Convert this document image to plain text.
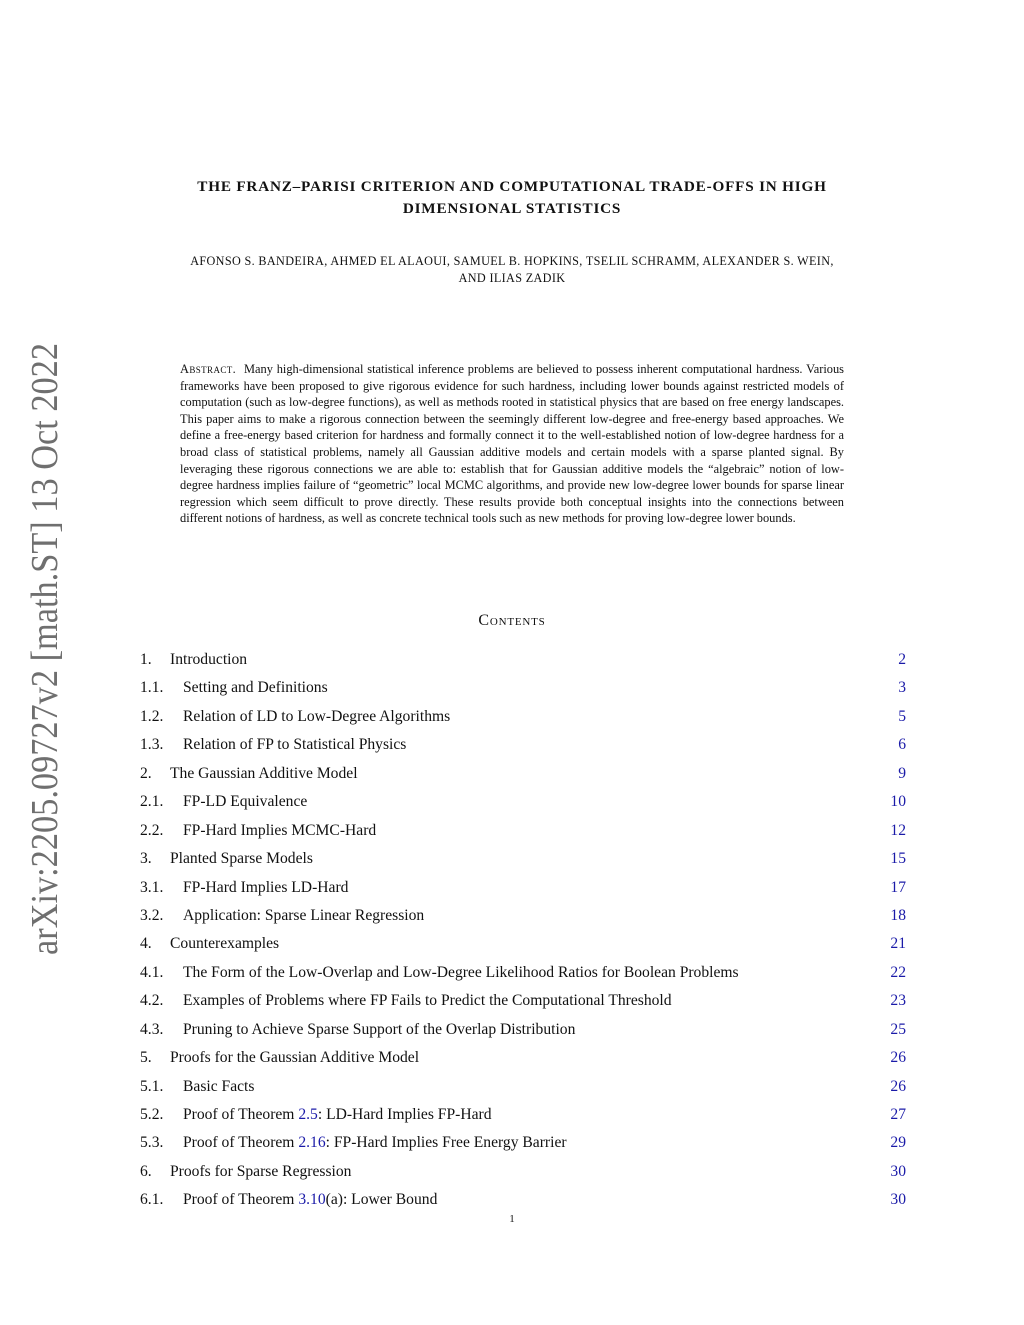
arXiv:2205.09727v2 [math.ST] 13 Oct 2022
THE FRANZ–PARISI CRITERION AND COMPUTATIONAL TRADE-OFFS IN HIGH
DIMENSIONAL STATISTICS
AFONSO S. BANDEIRA, AHMED EL ALAOUI, SAMUEL B. HOPKINS, TSELIL SCHRAMM, ALEXANDER S. WEIN,
AND ILIAS ZADIK
Abstract. Many high-dimensional statistical inference problems are believed to possess inherent computational hardness. Various frameworks have been proposed to give rigorous evidence for such hardness, including lower bounds against restricted models of computation (such as low-degree functions), as well as methods rooted in statistical physics that are based on free energy landscapes. This paper aims to make a rigorous connection between the seemingly different low-degree and free-energy based approaches. We define a free-energy based criterion for hardness and formally connect it to the well-established notion of low-degree hardness for a broad class of statistical problems, namely all Gaussian additive models and certain models with a sparse planted signal. By leveraging these rigorous connections we are able to: establish that for Gaussian additive models the “algebraic” notion of low-degree hardness implies failure of “geometric” local MCMC algorithms, and provide new low-degree lower bounds for sparse linear regression which seem difficult to prove directly. These results provide both conceptual insights into the connections between different notions of hardness, as well as concrete technical tools such as new methods for proving low-degree lower bounds.
Contents
1.	Introduction	2
1.1.	Setting and Definitions	3
1.2.	Relation of LD to Low-Degree Algorithms	5
1.3.	Relation of FP to Statistical Physics	6
2.	The Gaussian Additive Model	9
2.1.	FP-LD Equivalence	10
2.2.	FP-Hard Implies MCMC-Hard	12
3.	Planted Sparse Models	15
3.1.	FP-Hard Implies LD-Hard	17
3.2.	Application: Sparse Linear Regression	18
4.	Counterexamples	21
4.1.	The Form of the Low-Overlap and Low-Degree Likelihood Ratios for Boolean Problems	22
4.2.	Examples of Problems where FP Fails to Predict the Computational Threshold	23
4.3.	Pruning to Achieve Sparse Support of the Overlap Distribution	25
5.	Proofs for the Gaussian Additive Model	26
5.1.	Basic Facts	26
5.2.	Proof of Theorem 2.5: LD-Hard Implies FP-Hard	27
5.3.	Proof of Theorem 2.16: FP-Hard Implies Free Energy Barrier	29
6.	Proofs for Sparse Regression	30
6.1.	Proof of Theorem 3.10(a): Lower Bound	30
1
